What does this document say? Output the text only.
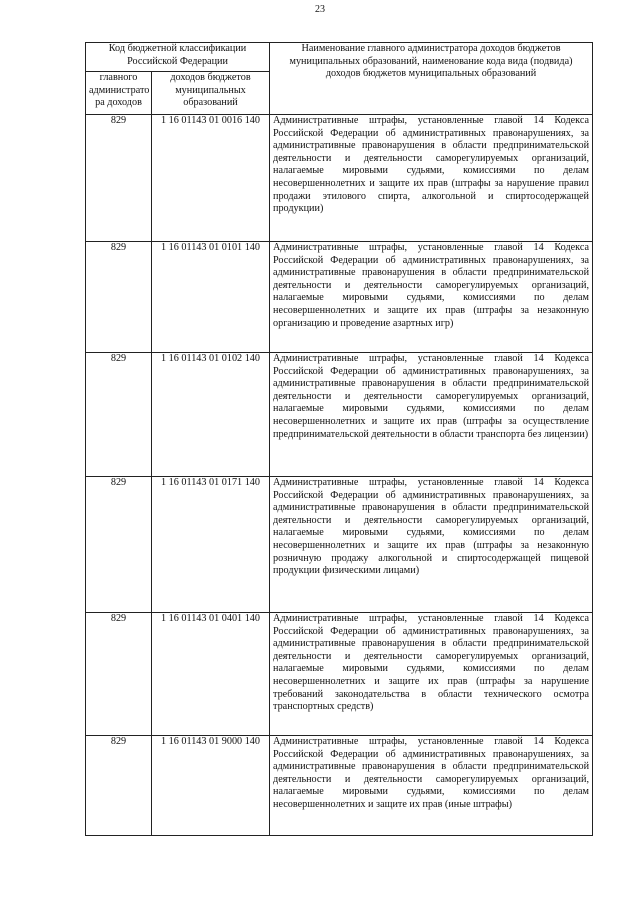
23
Код бюджетной классификации Российской Федерации		Наименование главного администратора доходов бюджетов муниципальных образований, наименование кода вида (подвида) доходов бюджетов муниципальных образований
главного администрато ра доходов	доходов бюджетов муниципальных образований	
829	1 16 01143 01 0016 140	Административные штрафы, установленные главой 14 Кодекса Российской Федерации об административных правонарушениях, за административные правонарушения в области предпринимательской деятельности и деятельности саморегулируемых организаций, налагаемые мировыми судьями, комиссиями по делам несовершеннолетних и защите их прав (штрафы за нарушение правил продажи этилового спирта, алкогольной и спиртосодержащей продукции)
829	1 16 01143 01 0101 140	Административные штрафы, установленные главой 14 Кодекса Российской Федерации об административных правонарушениях, за административные правонарушения в области предпринимательской деятельности и деятельности саморегулируемых организаций, налагаемые мировыми судьями, комиссиями по делам несовершеннолетних и защите их прав (штрафы за незаконную организацию и проведение азартных игр)
829	1 16 01143 01 0102 140	Административные штрафы, установленные главой 14 Кодекса Российской Федерации об административных правонарушениях, за административные правонарушения в области предпринимательской деятельности и деятельности саморегулируемых организаций, налагаемые мировыми судьями, комиссиями по делам несовершеннолетних и защите их прав (штрафы за осуществление предпринимательской деятельности в области транспорта без лицензии)
829	1 16 01143 01 0171 140	Административные штрафы, установленные главой 14 Кодекса Российской Федерации об административных правонарушениях, за административные правонарушения в области предпринимательской деятельности и деятельности саморегулируемых организаций, налагаемые мировыми судьями, комиссиями по делам несовершеннолетних и защите их прав (штрафы за незаконную розничную продажу алкогольной и спиртосодержащей пищевой продукции физическими лицами)
829	1 16 01143 01 0401 140	Административные штрафы, установленные главой 14 Кодекса Российской Федерации об административных правонарушениях, за административные правонарушения в области предпринимательской деятельности и деятельности саморегулируемых организаций, налагаемые мировыми судьями, комиссиями по делам несовершеннолетних и защите их прав (штрафы за нарушение требований законодательства в области технического осмотра транспортных средств)
829	1 16 01143 01 9000 140	Административные штрафы, установленные главой 14 Кодекса Российской Федерации об административных правонарушениях, за административные правонарушения в области предпринимательской деятельности и деятельности саморегулируемых организаций, налагаемые мировыми судьями, комиссиями по делам несовершеннолетних и защите их прав (иные штрафы)
